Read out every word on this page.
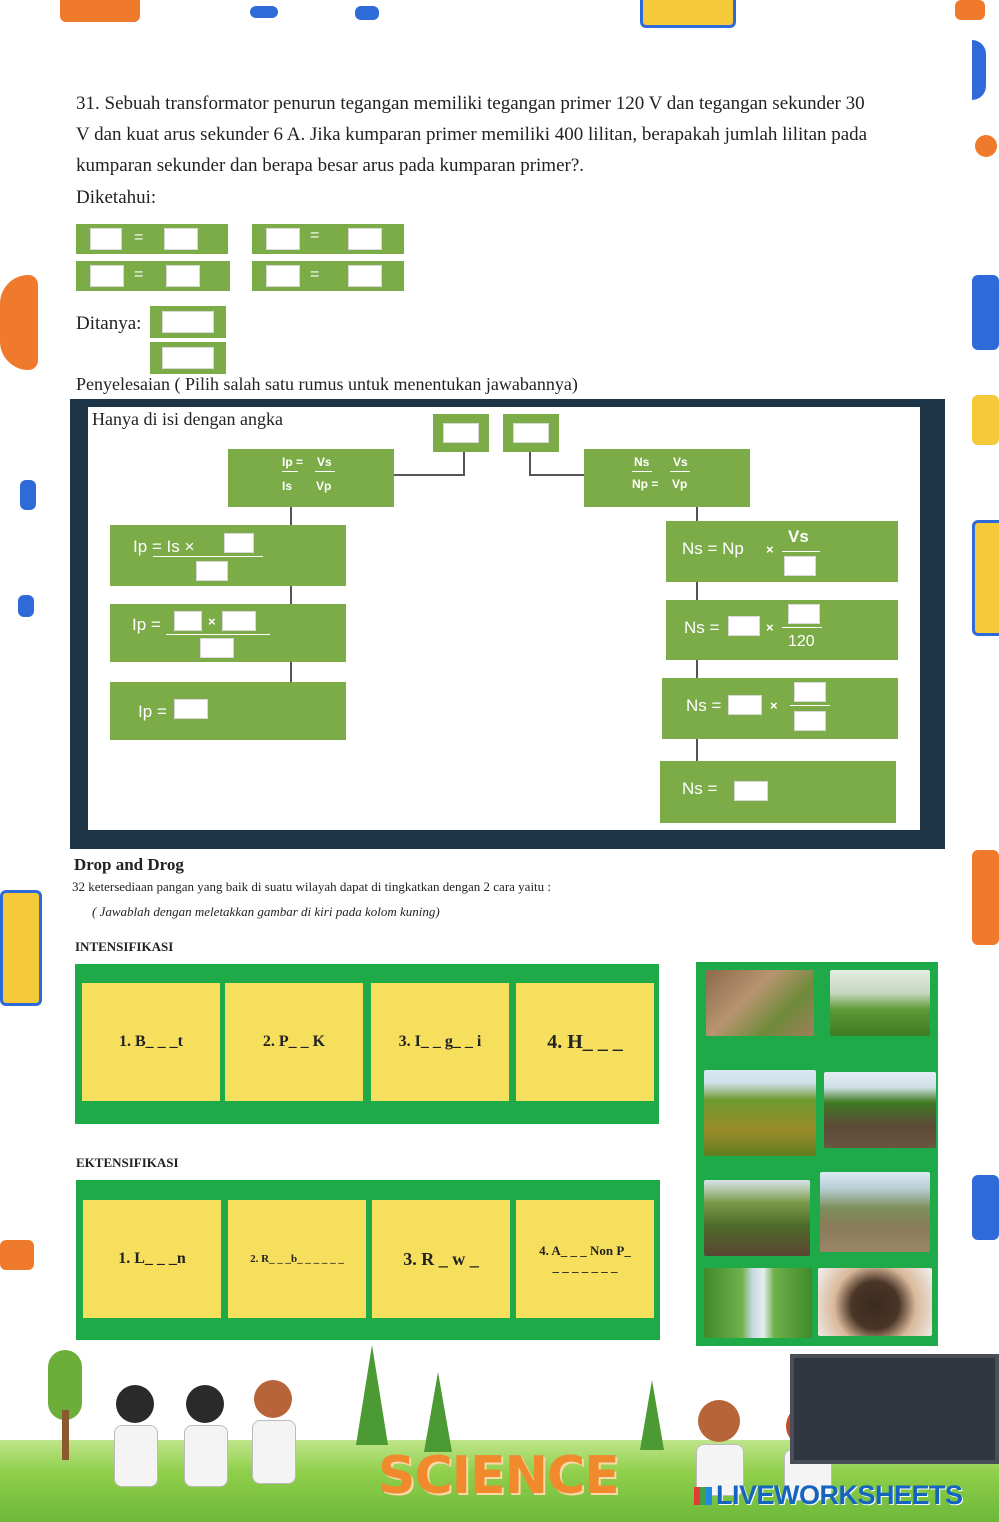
31. Sebuah transformator penurun tegangan memiliki tegangan primer 120 V dan tegangan sekunder 30
V dan kuat arus sekunder 6 A. Jika kumparan primer memiliki 400 lilitan, berapakah jumlah lilitan pada
kumparan sekunder dan berapa besar arus pada kumparan primer?.
Diketahui:
=	=
=	=
Ditanya:
Penyelesaian ( Pilih salah satu rumus untuk menentukan jawabannya)
Hanya di isi dengan angka
Ip =
Is
Vs
Vp
Ns
Np =
Vs
Vp
Ip = Is ×
Ip =	×
Ip =
Ns = Np ×
Vs
Ns =	×
120
Ns =	×
Ns =
Drop and Drog
32 ketersediaan pangan yang baik di suatu wilayah dapat di tingkatkan dengan 2 cara yaitu :
( Jawablah dengan meletakkan gambar di kiri pada kolom kuning)
INTENSIFIKASI
1. B_ _ _t	2. P_ _ K	3. I_ _ g_ _ i	4. H_ _ _
EKTENSIFIKASI
1. L_ _ _n	2. R_ _ _b_ _ _ _ _ _	3. R _ w _	4. A_ _ _ Non P_ _ _ _ _ _ _ _
SCIENCE	LIVEWORKSHEETS
